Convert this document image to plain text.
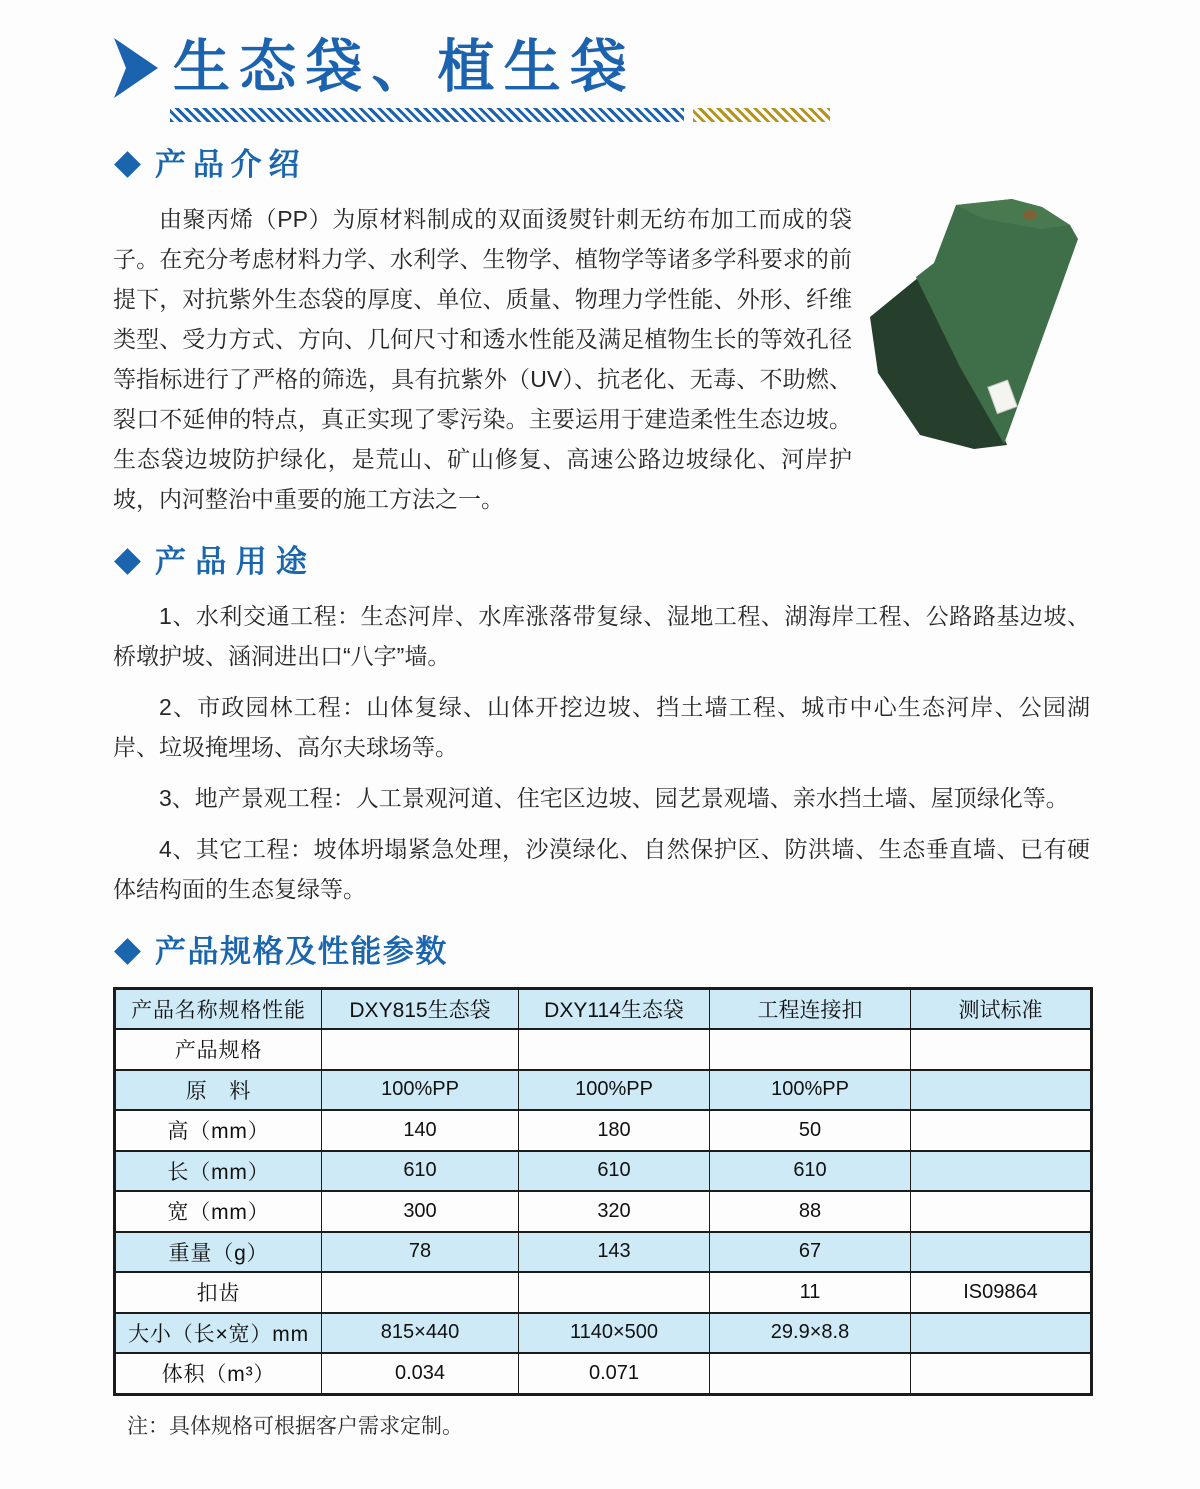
生态袋、植生袋
产品介绍

由聚丙烯（PP）为原材料制成的双面烫熨针刺无纺布加工而成的袋子。在充分考虑材料力学、水利学、生物学、植物学等诸多学科要求的前提下，对抗紫外生态袋的厚度、单位、质量、物理力学性能、外形、纤维类型、受力方式、方向、几何尺寸和透水性能及满足植物生长的等效孔径等指标进行了严格的筛选，具有抗紫外（UV）、抗老化、无毒、不助燃、裂口不延伸的特点，真正实现了零污染。主要运用于建造柔性生态边坡。生态袋边坡防护绿化，是荒山、矿山修复、高速公路边坡绿化、河岸护坡，内河整治中重要的施工方法之一。

产品用途

1、水利交通工程：生态河岸、水库涨落带复绿、湿地工程、湖海岸工程、公路路基边坡、桥墩护坡、涵洞进出口“八字”墙。

2、市政园林工程：山体复绿、山体开挖边坡、挡土墙工程、城市中心生态河岸、公园湖岸、垃圾掩埋场、高尔夫球场等。

3、地产景观工程：人工景观河道、住宅区边坡、园艺景观墙、亲水挡土墙、屋顶绿化等。

4、其它工程：坡体坍塌紧急处理，沙漠绿化、自然保护区、防洪墙、生态垂直墙、已有硬体结构面的生态复绿等。

产品规格及性能参数
产品名称规格性能	DXY815生态袋	DXY114生态袋	工程连接扣	测试标准
产品规格				
原　料	100%PP	100%PP	100%PP	
高（mm）	140	180	50	
长（mm）	610	610	610	
宽（mm）	300	320	88	
重量（g）	78	143	67	
扣齿			11	IS09864
大小（长×宽）mm	815×440	1140×500	29.9×8.8	
体积（m³）	0.034	0.071		
注：具体规格可根据客户需求定制。
